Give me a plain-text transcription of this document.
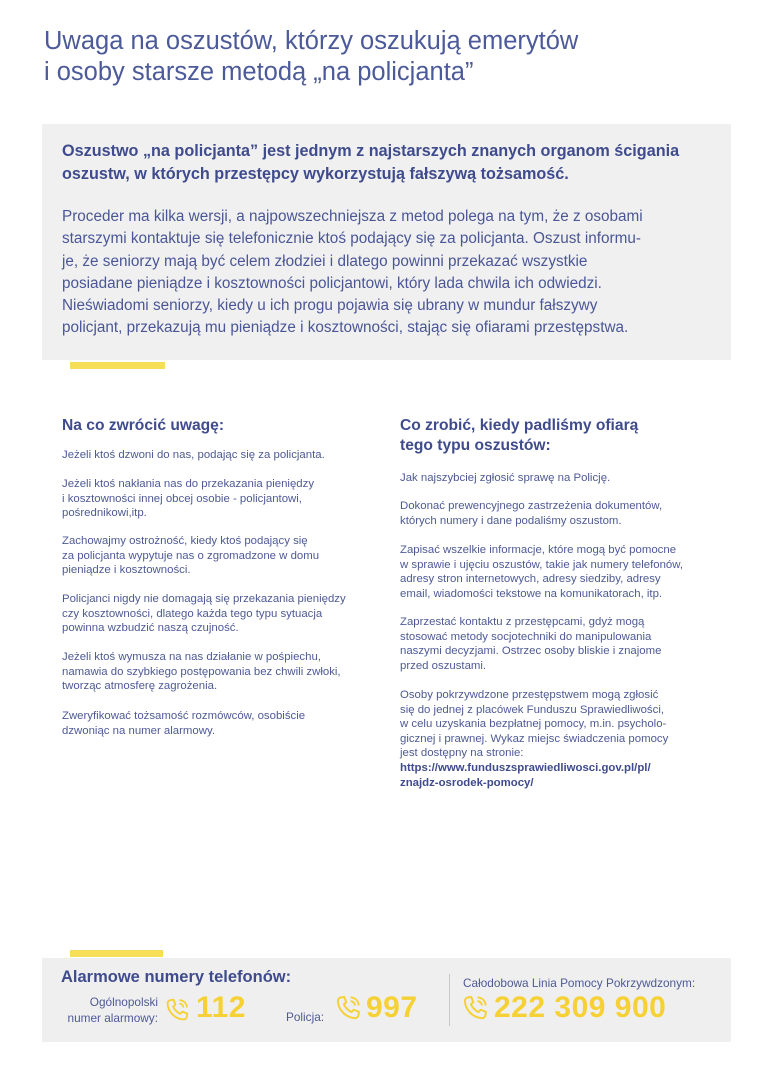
Uwaga na oszustów, którzy oszukują emerytów
i osoby starsze metodą „na policjanta”

Oszustwo „na policjanta” jest jednym z najstarszych znanych organom ścigania
oszustw, w których przestępcy wykorzystują fałszywą tożsamość.

Proceder ma kilka wersji, a najpowszechniejsza z metod polega na tym, że z osobami
starszymi kontaktuje się telefonicznie ktoś podający się za policjanta. Oszust informu-
je, że seniorzy mają być celem złodziei i dlatego powinni przekazać wszystkie
posiadane pieniądze i kosztowności policjantowi, który lada chwila ich odwiedzi.
Nieświadomi seniorzy, kiedy u ich progu pojawia się ubrany w mundur fałszywy
policjant, przekazują mu pieniądze i kosztowności, stając się ofiarami przestępstwa.

Na co zwrócić uwagę:

Jeżeli ktoś dzwoni do nas, podając się za policjanta.

Jeżeli ktoś nakłania nas do przekazania pieniędzy
i kosztowności innej obcej osobie - policjantowi,
pośrednikowi,itp.

Zachowajmy ostrożność, kiedy ktoś podający się
za policjanta wypytuje nas o zgromadzone w domu
pieniądze i kosztowności.

Policjanci nigdy nie domagają się przekazania pieniędzy
czy kosztowności, dlatego każda tego typu sytuacja
powinna wzbudzić naszą czujność.

Jeżeli ktoś wymusza na nas działanie w pośpiechu,
namawia do szybkiego postępowania bez chwili zwłoki,
tworząc atmosferę zagrożenia.

Zweryfikować tożsamość rozmówców, osobiście
dzwoniąc na numer alarmowy.

Co zrobić, kiedy padliśmy ofiarą
tego typu oszustów:

Jak najszybciej zgłosić sprawę na Policję.

Dokonać prewencyjnego zastrzeżenia dokumentów,
których numery i dane podaliśmy oszustom.

Zapisać wszelkie informacje, które mogą być pomocne
w sprawie i ujęciu oszustów, takie jak numery telefonów,
adresy stron internetowych, adresy siedziby, adresy
email, wiadomości tekstowe na komunikatorach, itp.

Zaprzestać kontaktu z przestępcami, gdyż mogą
stosować metody socjotechniki do manipulowania
naszymi decyzjami. Ostrzec osoby bliskie i znajome
przed oszustami.

Osoby pokrzywdzone przestępstwem mogą zgłosić
się do jednej z placówek Funduszu Sprawiedliwości,
w celu uzyskania bezpłatnej pomocy, m.in. psycholo-
gicznej i prawnej. Wykaz miejsc świadczenia pomocy
jest dostępny na stronie:
https://www.funduszsprawiedliwosci.gov.pl/pl/
znajdz-osrodek-pomocy/

Alarmowe numery telefonów:
Ogólnopolski
numer alarmowy: 112	Policja: 997
Całodobowa Linia Pomocy Pokrzywdzonym:
222 309 900
